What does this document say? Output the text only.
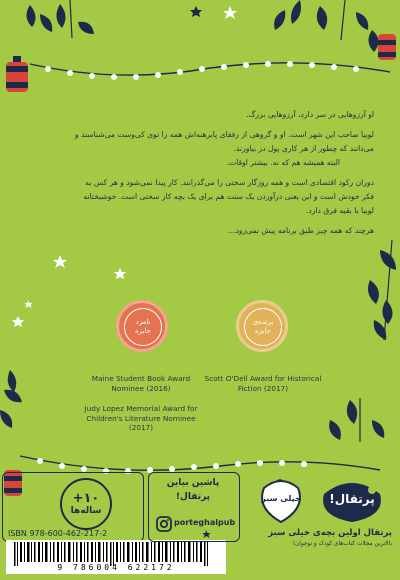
او آرزوهایی در سر دارد، آرزوهایی بزرگ.
لوبیا صاحب این شهر است. او و گروهی از رفقای پابرهنه‌اش همه را توی کی‌وست می‌شناسند و
می‌دانند که چطور از هر کاری پول در بیاورند.
البته همیشه هم که نه. بیشتر اوقات.
دوران رکود اقتصادی است و همه روزگار سختی را می‌گذرانند. کار پیدا نمی‌شود و هر کس به
فکر خودش است و این یعنی درآوردن یک سنت هم برای یک بچه کار سختی است. خوشبختانه
لوبیا با بقیه فرق دارد.
هرچند که همه چیز طبق برنامه پیش نمی‌رود...
نامزد
جایزه
برنده‌ی
جایزه
Maine Student Book Award Nominee (2016)
Scott O'Dell Award for Historical Fiction (2017)
Judy Lopez Memorial Award for Children's Literature Nominee (2017)
+۱۰
ساله‌ها
ISBN 978-600-462-217-2
9 786004 622172
پاشین بیاین
پرتقال!
porteghalpub
خیلی سبز	پرتقال!
پرتقال اولین بچه‌ی خیلی سبز
بالاترین مجلات کتاب‌های کودک و نوجوان!
